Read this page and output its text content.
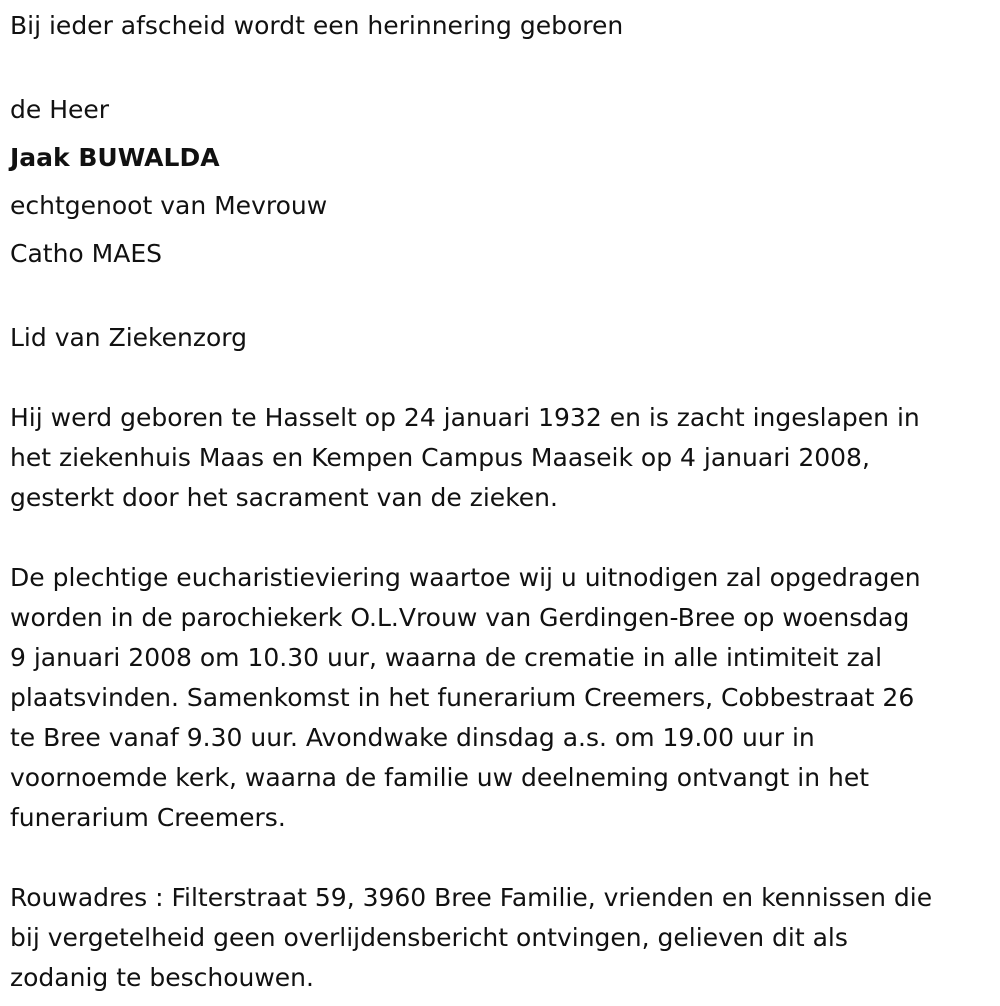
Bij ieder afscheid wordt een herinnering geboren

de Heer

Jaak BUWALDA

echtgenoot van Mevrouw

Catho MAES

Lid van Ziekenzorg

Hij werd geboren te Hasselt op 24 januari 1932 en is zacht ingeslapen in

het ziekenhuis Maas en Kempen Campus Maaseik op 4 januari 2008,

gesterkt door het sacrament van de zieken.

De plechtige eucharistieviering waartoe wij u uitnodigen zal opgedragen

worden in de parochiekerk O.L.Vrouw van Gerdingen-Bree op woensdag

9 januari 2008 om 10.30 uur, waarna de crematie in alle intimiteit zal

plaatsvinden. Samenkomst in het funerarium Creemers, Cobbestraat 26

te Bree vanaf 9.30 uur. Avondwake dinsdag a.s. om 19.00 uur in

voornoemde kerk, waarna de familie uw deelneming ontvangt in het

funerarium Creemers.

Rouwadres : Filterstraat 59, 3960 Bree Familie, vrienden en kennissen die

bij vergetelheid geen overlijdensbericht ontvingen, gelieven dit als

zodanig te beschouwen.
